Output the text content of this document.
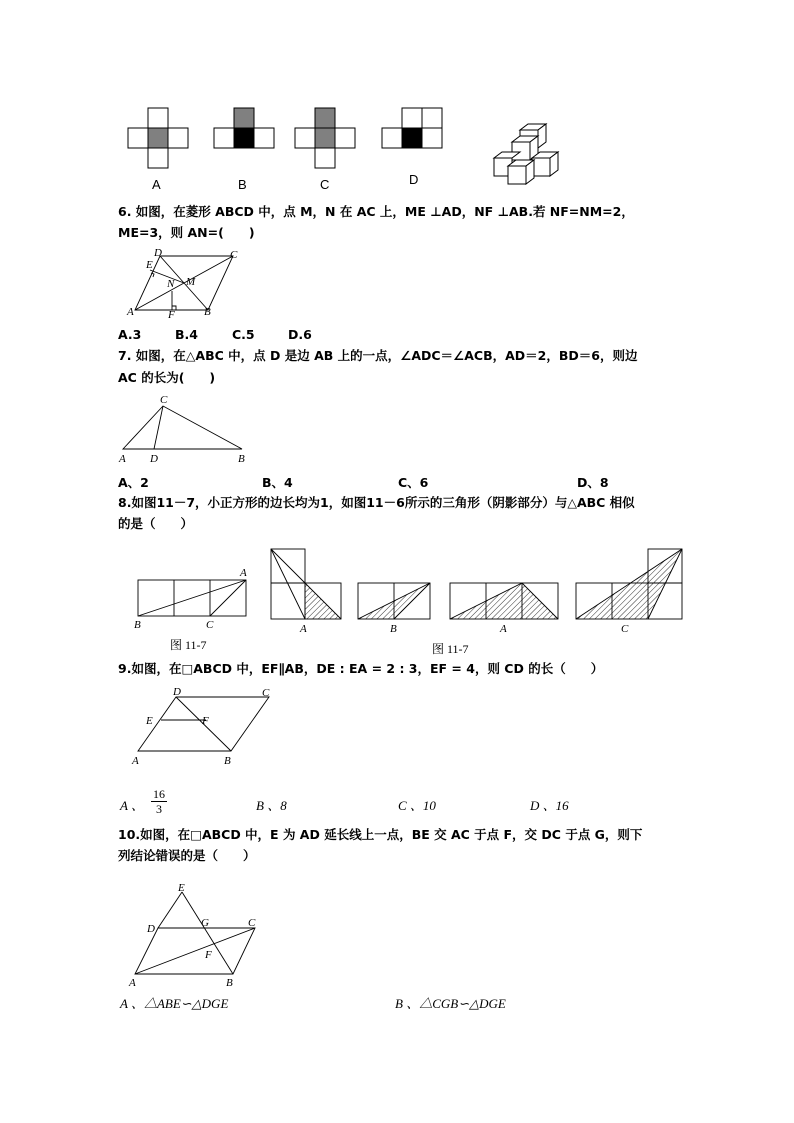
A	B	C	D
6. 如图，在菱形 ABCD 中，点 M，N 在 AC 上，ME ⊥AD，NF ⊥AB.若 NF=NM=2，
ME=3，则 AN=(　　)
D
E
C
N M
A	F	B
A.3	B.4	C.5	D.6
7. 如图，在△ABC 中，点 D 是边 AB 上的一点，∠ADC＝∠ACB，AD＝2，BD＝6，则边
AC 的长为(　　)
C
A D	B
A、2	B、4	C、6	D、8
8.如图11－7，小正方形的边长均为1，如图11－6所示的三角形（阴影部分）与△ABC 相似
的是（　　）
A
B	C
图 11-7
A	B	A	C
图 11-7
9.如图，在□ABCD 中，EF∥AB，DE : EA = 2 : 3，EF = 4，则 CD 的长（　　）
D	C
E	F
A	B
A 、 $\frac{16}{3}$	B 、8	C 、10	D 、16
10.如图，在□ABCD 中，E 为 AD 延长线上一点，BE 交 AC 于点 F，交 DC 于点 G，则下
列结论错误的是（　　）
E
D	G	C
F
A	B
A 、△ABE∽△DGE	B 、△CGB∽△DGE
